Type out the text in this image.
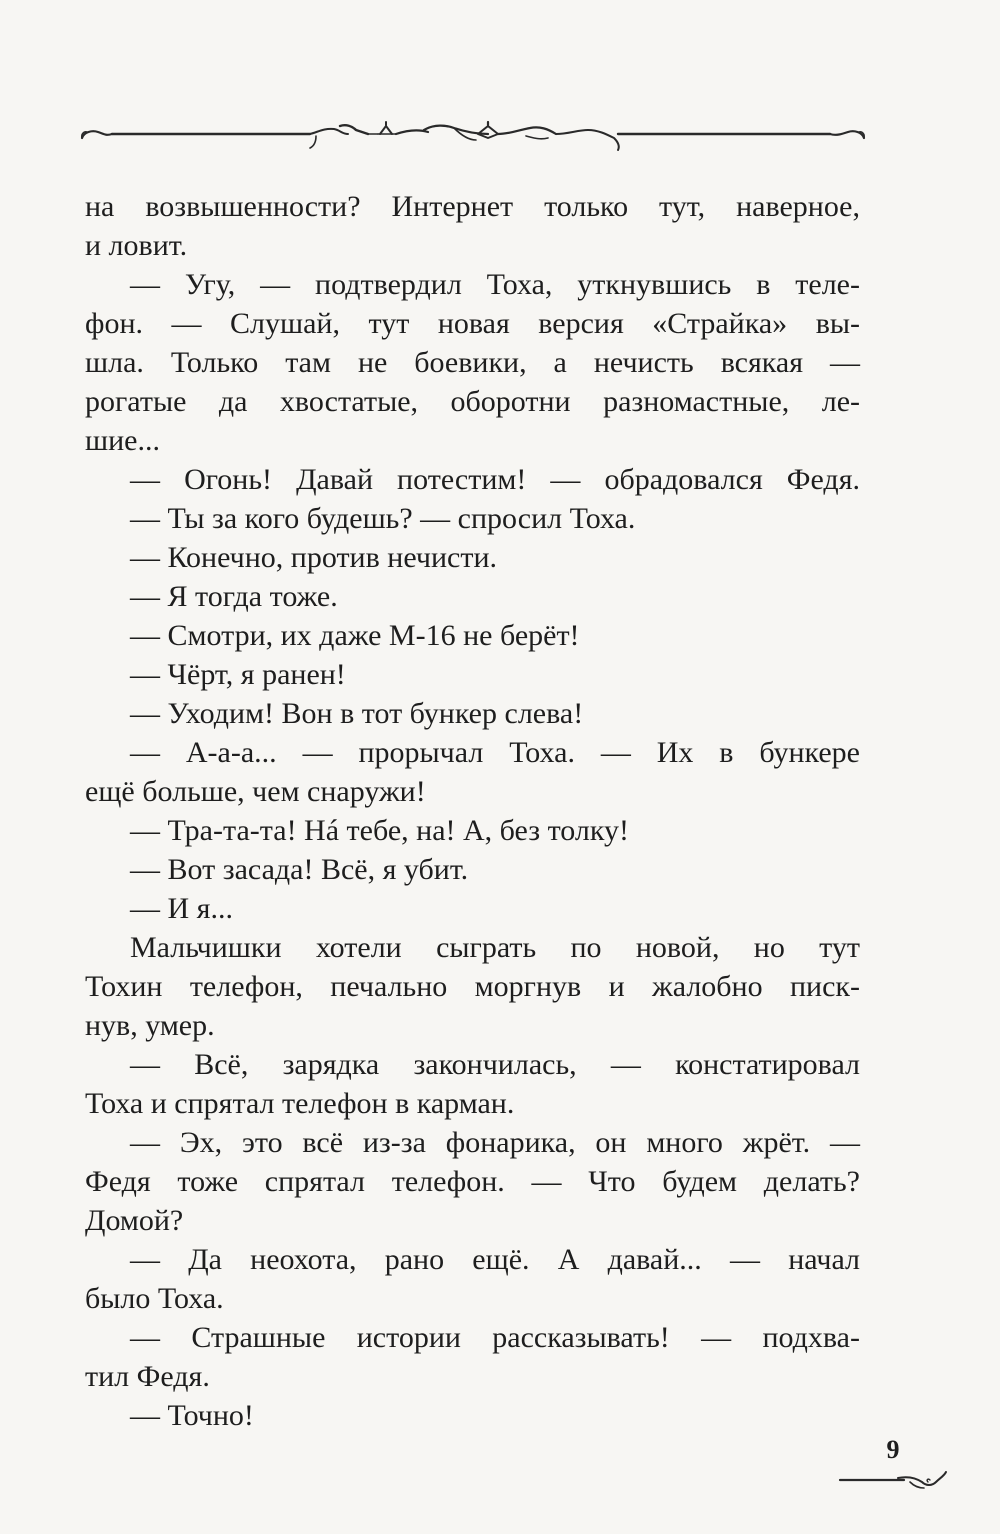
на возвышенности? Интернет только тут, наверное,
и ловит.
— Угу, — подтвердил Тоха, уткнувшись в теле-
фон. — Слушай, тут новая версия «Страйка» вы-
шла. Только там не боевики, а нечисть всякая —
рогатые да хвостатые, оборотни разномастные, ле-
шие...
— Огонь! Давай потестим! — обрадовался Федя.
— Ты за кого будешь? — спросил Тоха.
— Конечно, против нечисти.
— Я тогда тоже.
— Смотри, их даже М-16 не берёт!
— Чёрт, я ранен!
— Уходим! Вон в тот бункер слева!
— А-а-а... — прорычал Тоха. — Их в бункере
ещё больше, чем снаружи!
— Тра-та-та! Нá тебе, на! А, без толку!
— Вот засада! Всё, я убит.
— И я...
Мальчишки хотели сыграть по новой, но тут
Тохин телефон, печально моргнув и жалобно писк-
нув, умер.
— Всё, зарядка закончилась, — констатировал
Тоха и спрятал телефон в карман.
— Эх, это всё из-за фонарика, он много жрёт. —
Федя тоже спрятал телефон. — Что будем делать?
Домой?
— Да неохота, рано ещё. А давай... — начал
было Тоха.
— Страшные истории рассказывать! — подхва-
тил Федя.
— Точно!
9
